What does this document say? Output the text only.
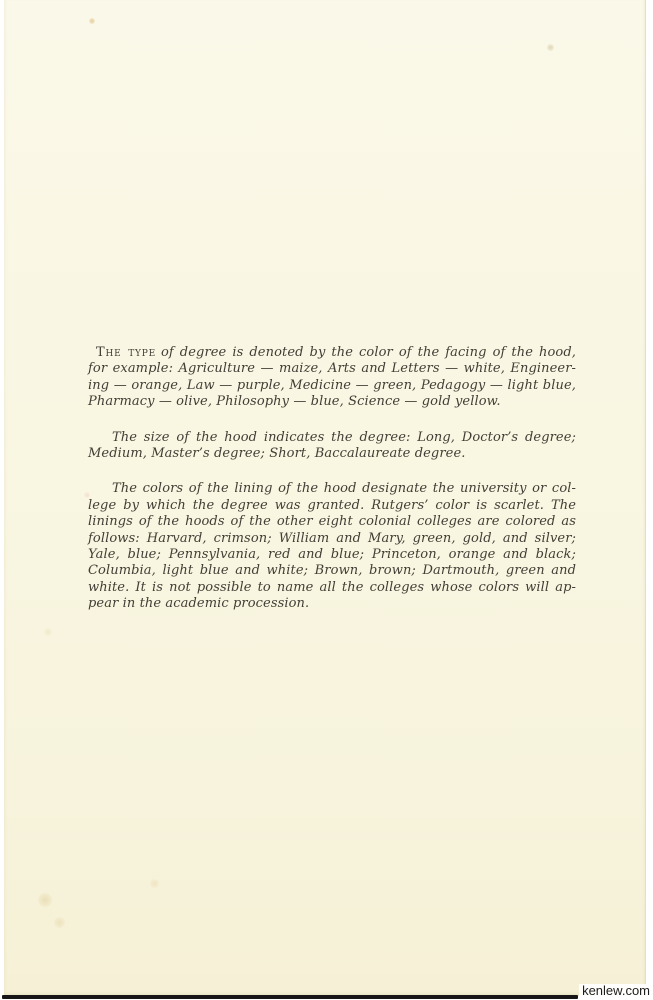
The type of degree is denoted by the color of the facing of the hood,
for example: Agriculture — maize, Arts and Letters — white, Engineer-
ing — orange, Law — purple, Medicine — green, Pedagogy — light blue,
Pharmacy — olive, Philosophy — blue, Science — gold yellow.
The size of the hood indicates the degree: Long, Doctor’s degree;
Medium, Master’s degree; Short, Baccalaureate degree.
The colors of the lining of the hood designate the university or col-
lege by which the degree was granted. Rutgers’ color is scarlet. The
linings of the hoods of the other eight colonial colleges are colored as
follows: Harvard, crimson; William and Mary, green, gold, and silver;
Yale, blue; Pennsylvania, red and blue; Princeton, orange and black;
Columbia, light blue and white; Brown, brown; Dartmouth, green and
white. It is not possible to name all the colleges whose colors will ap-
pear in the academic procession.
kenlew.com
